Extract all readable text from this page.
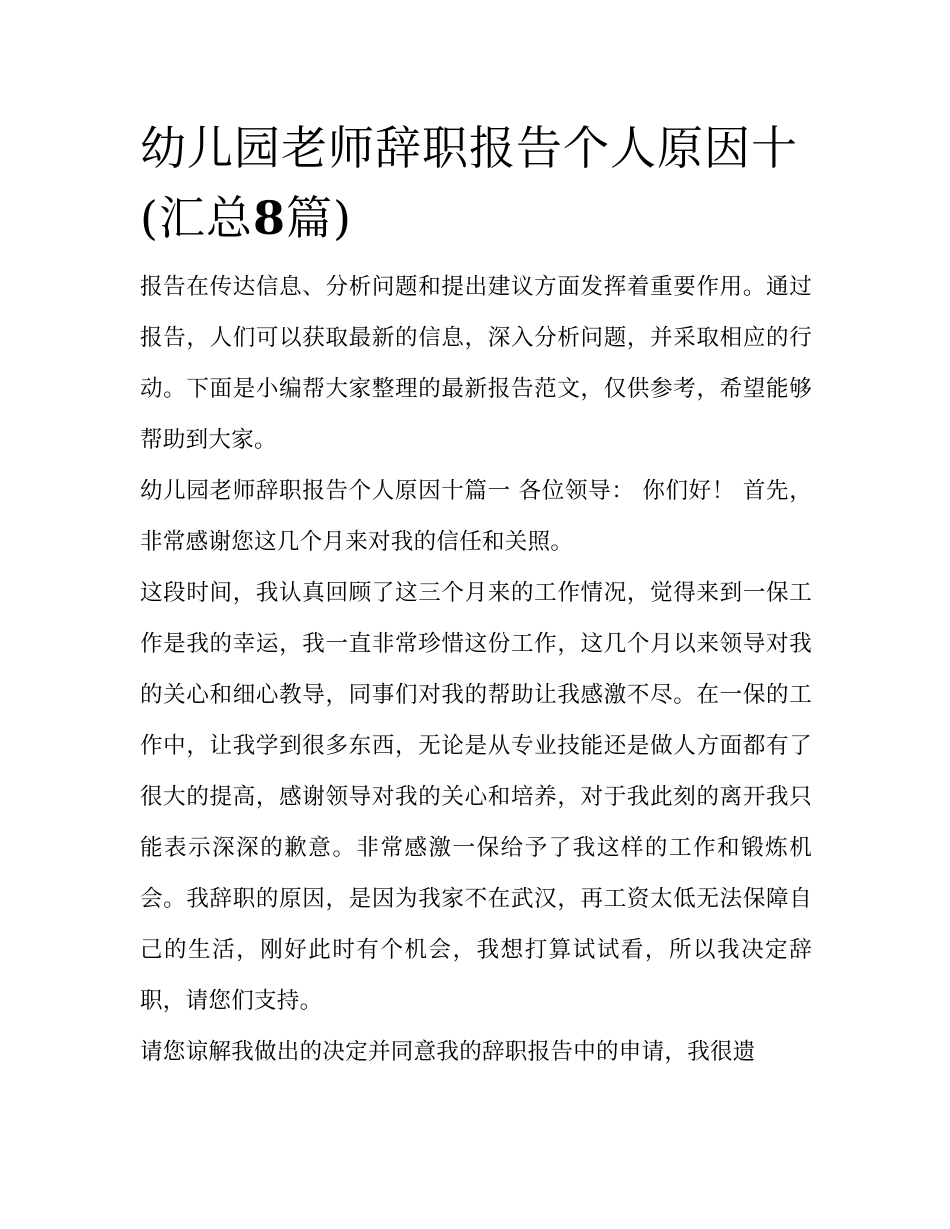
幼儿园老师辞职报告个人原因十(汇总8篇)

报告在传达信息、分析问题和提出建议方面发挥着重要作用。通过报告，人们可以获取最新的信息，深入分析问题，并采取相应的行动。下面是小编帮大家整理的最新报告范文，仅供参考，希望能够帮助到大家。

幼儿园老师辞职报告个人原因十篇一 各位领导： 你们好！ 首先，非常感谢您这几个月来对我的信任和关照。

这段时间，我认真回顾了这三个月来的工作情况，觉得来到一保工作是我的幸运，我一直非常珍惜这份工作，这几个月以来领导对我的关心和细心教导，同事们对我的帮助让我感激不尽。在一保的工作中，让我学到很多东西，无论是从专业技能还是做人方面都有了很大的提高，感谢领导对我的关心和培养，对于我此刻的离开我只能表示深深的歉意。非常感激一保给予了我这样的工作和锻炼机会。我辞职的原因，是因为我家不在武汉，再工资太低无法保障自己的生活，刚好此时有个机会，我想打算试试看，所以我决定辞职，请您们支持。

请您谅解我做出的决定并同意我的辞职报告中的申请，我很遗
